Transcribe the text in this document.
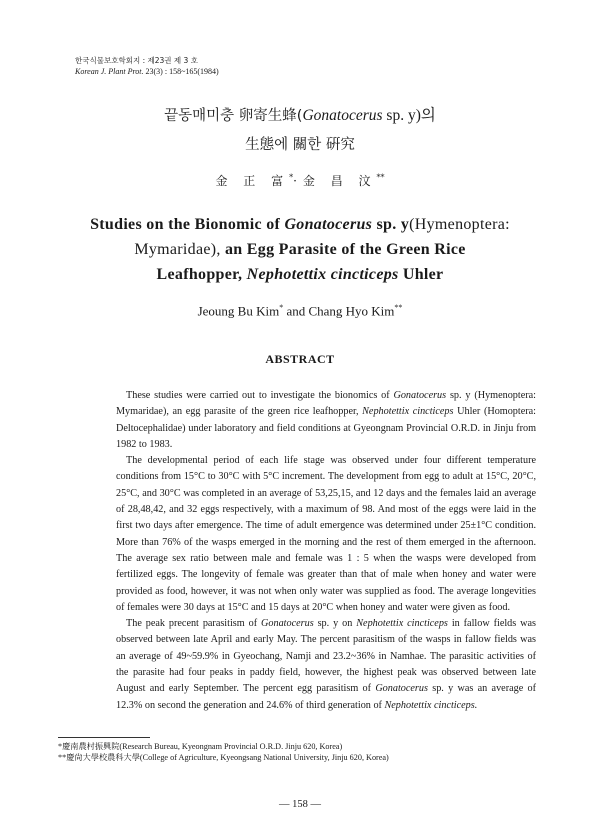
한국식물보호학회지 : 제23권 제 3 호
Korean J. Plant Prot. 23(3) : 158~165(1984)
끝동매미충 卵寄生蜂(Gonatocerus sp. y)의
生態에 關한 硏究
金 正 富*·金 昌 汶**
Studies on the Bionomic of Gonatocerus sp. y(Hymenoptera:
Mymaridae), an Egg Parasite of the Green Rice
Leafhopper, Nephotettix cincticeps Uhler
Jeoung Bu Kim* and Chang Hyo Kim**
ABSTRACT

These studies were carried out to investigate the bionomics of Gonatocerus sp. y (Hymenoptera: Mymaridae), an egg parasite of the green rice leafhopper, Nephotettix cincticeps Uhler (Homoptera: Deltocephalidae) under laboratory and field conditions at Gyeongnam Provincial O.R.D. in Jinju from 1982 to 1983.

The developmental period of each life stage was observed under four different temperature conditions from 15°C to 30°C with 5°C increment. The development from egg to adult at 15°C, 20°C, 25°C, and 30°C was completed in an average of 53,25,15, and 12 days and the females laid an average of 28,48,42, and 32 eggs respectively, with a maximum of 98. And most of the eggs were laid in the first two days after emergence. The time of adult emergence was determined under 25±1°C condition. More than 76% of the wasps emerged in the morning and the rest of them emerged in the afternoon. The average sex ratio between male and female was 1 : 5 when the wasps were developed from fertilized eggs. The longevity of female was greater than that of male when honey and water were provided as food, however, it was not when only water was supplied as food. The average longevities of females were 30 days at 15°C and 15 days at 20°C when honey and water were given as food.

The peak precent parasitism of Gonatocerus sp. y on Nephotettix cincticeps in fallow fields was observed between late April and early May. The percent parasitism of the wasps in fallow fields was an average of 49~59.9% in Gyeochang, Namji and 23.2~36% in Namhae. The parasitic activities of the parasite had four peaks in paddy field, however, the highest peak was observed between late August and early September. The percent egg parasitism of Gonatocerus sp. y was an average of 12.3% on second the generation and 24.6% of third generation of Nephotettix cincticeps.

*慶南農村振興院(Research Bureau, Kyeongnam Provincial O.R.D. Jinju 620, Korea)
**慶尙大學校農科大學(College of Agriculture, Kyeongsang National University, Jinju 620, Korea)
— 158 —
